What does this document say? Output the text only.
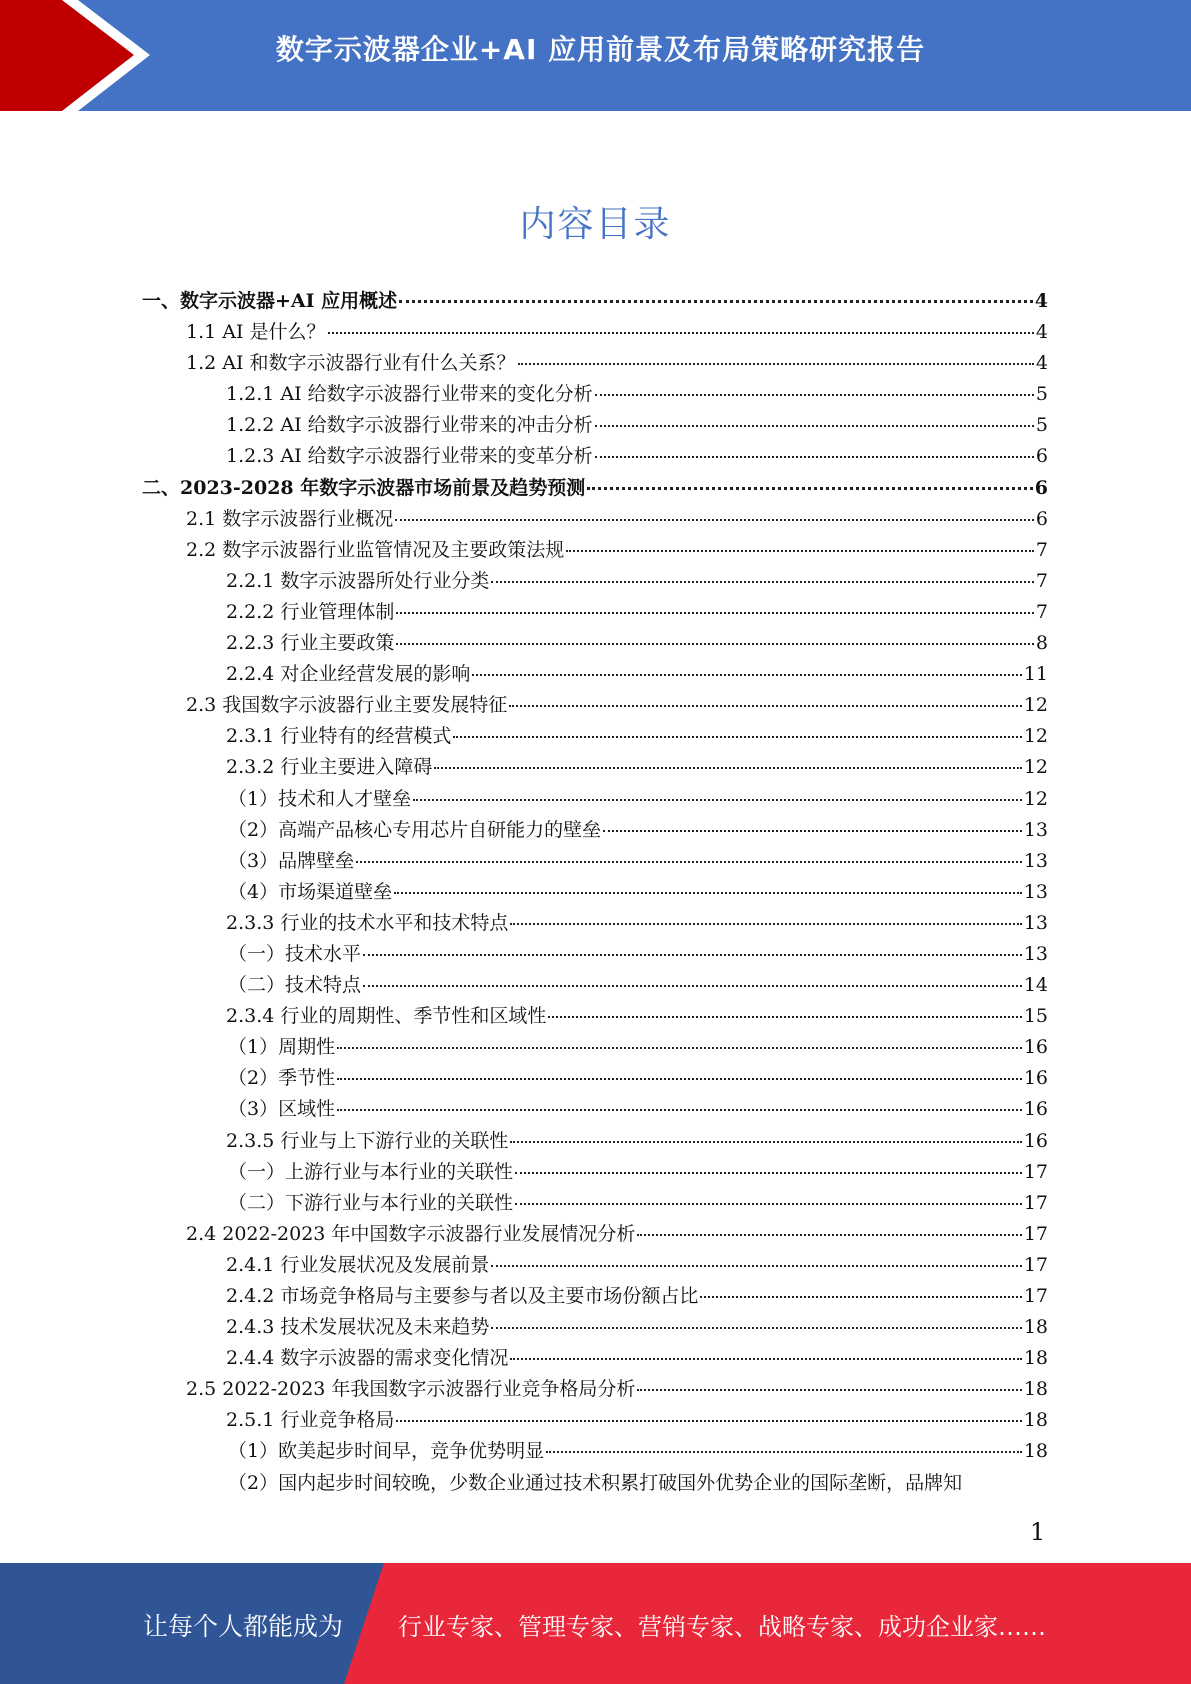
数字示波器企业+AI 应用前景及布局策略研究报告
内容目录
一、数字示波器+AI 应用概述	4
1.1 AI 是什么？	4
1.2 AI 和数字示波器行业有什么关系？	4
1.2.1 AI 给数字示波器行业带来的变化分析	5
1.2.2 AI 给数字示波器行业带来的冲击分析	5
1.2.3 AI 给数字示波器行业带来的变革分析	6
二、2023-2028 年数字示波器市场前景及趋势预测	6
2.1 数字示波器行业概况	6
2.2 数字示波器行业监管情况及主要政策法规	7
2.2.1 数字示波器所处行业分类	7
2.2.2 行业管理体制	7
2.2.3 行业主要政策	8
2.2.4 对企业经营发展的影响	11
2.3 我国数字示波器行业主要发展特征	12
2.3.1 行业特有的经营模式	12
2.3.2 行业主要进入障碍	12
（1）技术和人才壁垒	12
（2）高端产品核心专用芯片自研能力的壁垒	13
（3）品牌壁垒	13
（4）市场渠道壁垒	13
2.3.3 行业的技术水平和技术特点	13
（一）技术水平	13
（二）技术特点	14
2.3.4 行业的周期性、季节性和区域性	15
（1）周期性	16
（2）季节性	16
（3）区域性	16
2.3.5 行业与上下游行业的关联性	16
（一）上游行业与本行业的关联性	17
（二）下游行业与本行业的关联性	17
2.4 2022-2023 年中国数字示波器行业发展情况分析	17
2.4.1 行业发展状况及发展前景	17
2.4.2 市场竞争格局与主要参与者以及主要市场份额占比	17
2.4.3 技术发展状况及未来趋势	18
2.4.4 数字示波器的需求变化情况	18
2.5 2022-2023 年我国数字示波器行业竞争格局分析	18
2.5.1 行业竞争格局	18
（1）欧美起步时间早，竞争优势明显	18
（2）国内起步时间较晚，少数企业通过技术积累打破国外优势企业的国际垄断，品牌知
1
让每个人都能成为 行业专家、管理专家、营销专家、战略专家、成功企业家……
